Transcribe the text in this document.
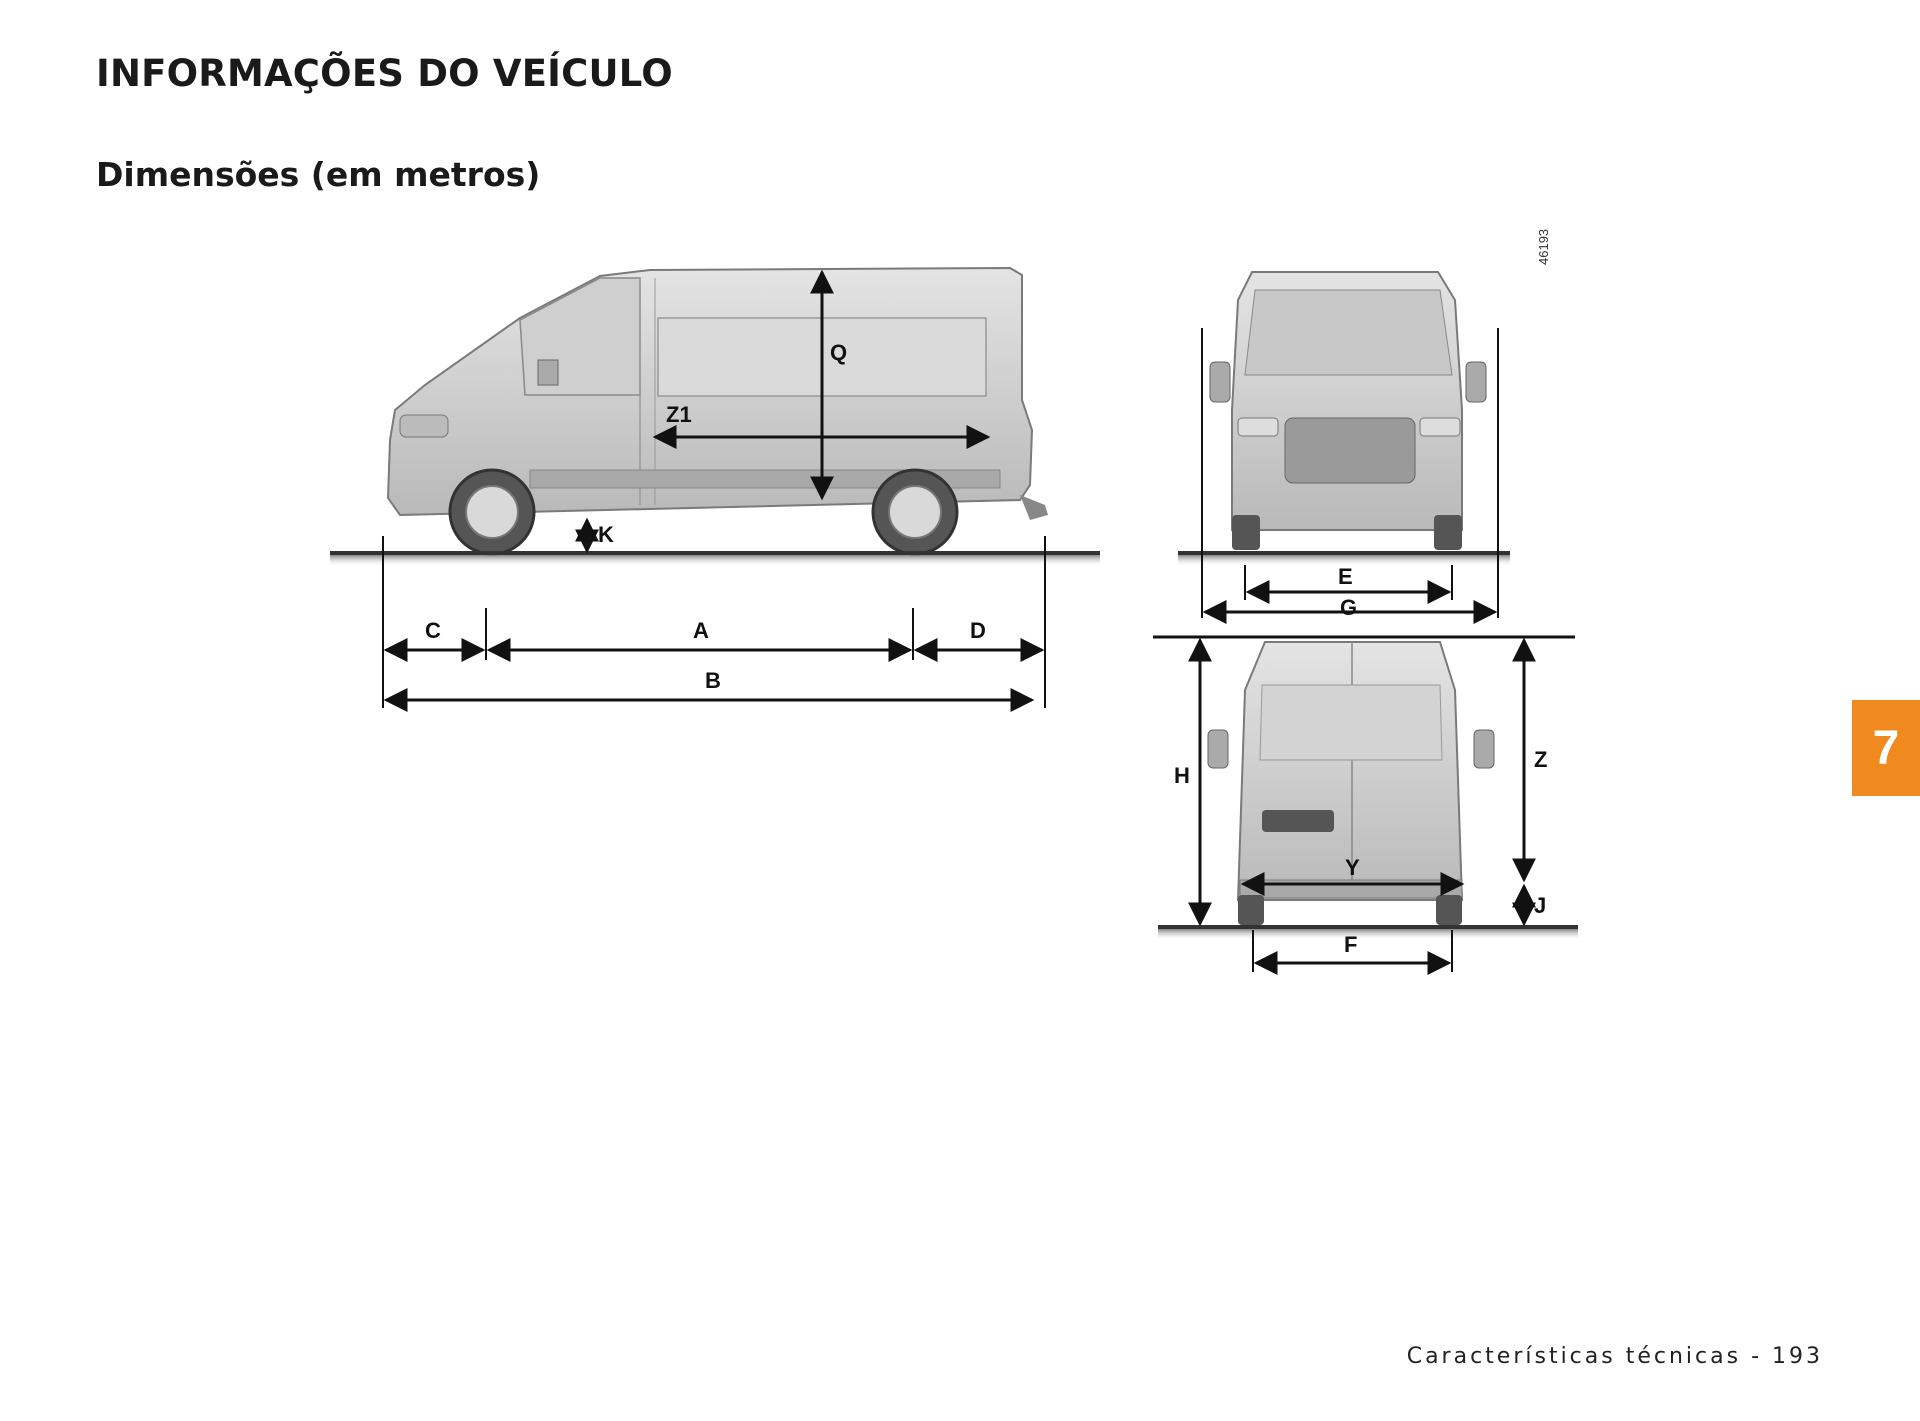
INFORMAÇÕES DO VEÍCULO
Dimensões (em metros)
Q
Z1
K
C	A	D
B
46193
E
G
H
Z
J
Y
F
7
Características técnicas - 193
